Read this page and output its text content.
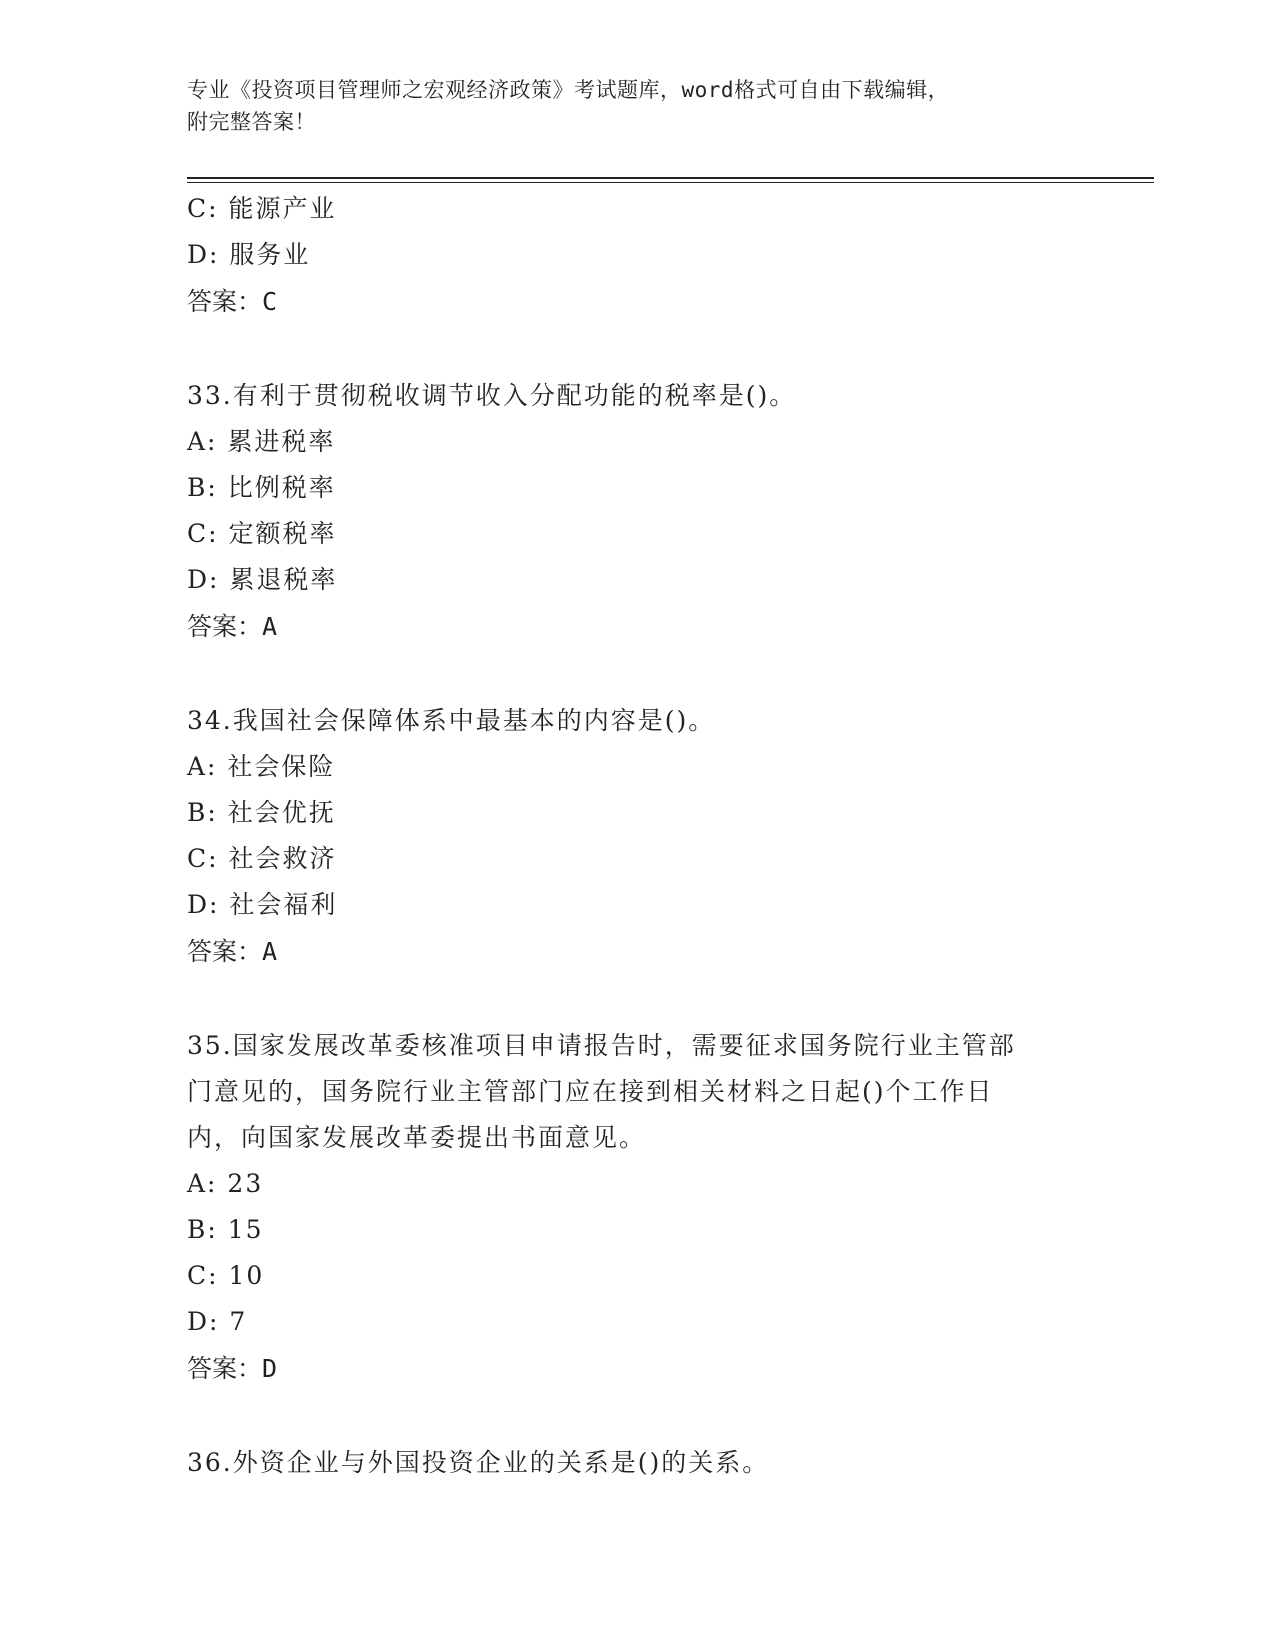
专业《投资项目管理师之宏观经济政策》考试题库，word格式可自由下载编辑，
附完整答案！
C: 能源产业
D: 服务业
答案：C
33.有利于贯彻税收调节收入分配功能的税率是()。
A: 累进税率
B: 比例税率
C: 定额税率
D: 累退税率
答案：A
34.我国社会保障体系中最基本的内容是()。
A: 社会保险
B: 社会优抚
C: 社会救济
D: 社会福利
答案：A
35.国家发展改革委核准项目申请报告时，需要征求国务院行业主管部
门意见的，国务院行业主管部门应在接到相关材料之日起()个工作日
内，向国家发展改革委提出书面意见。
A: 23
B: 15
C: 10
D: 7
答案：D
36.外资企业与外国投资企业的关系是()的关系。
